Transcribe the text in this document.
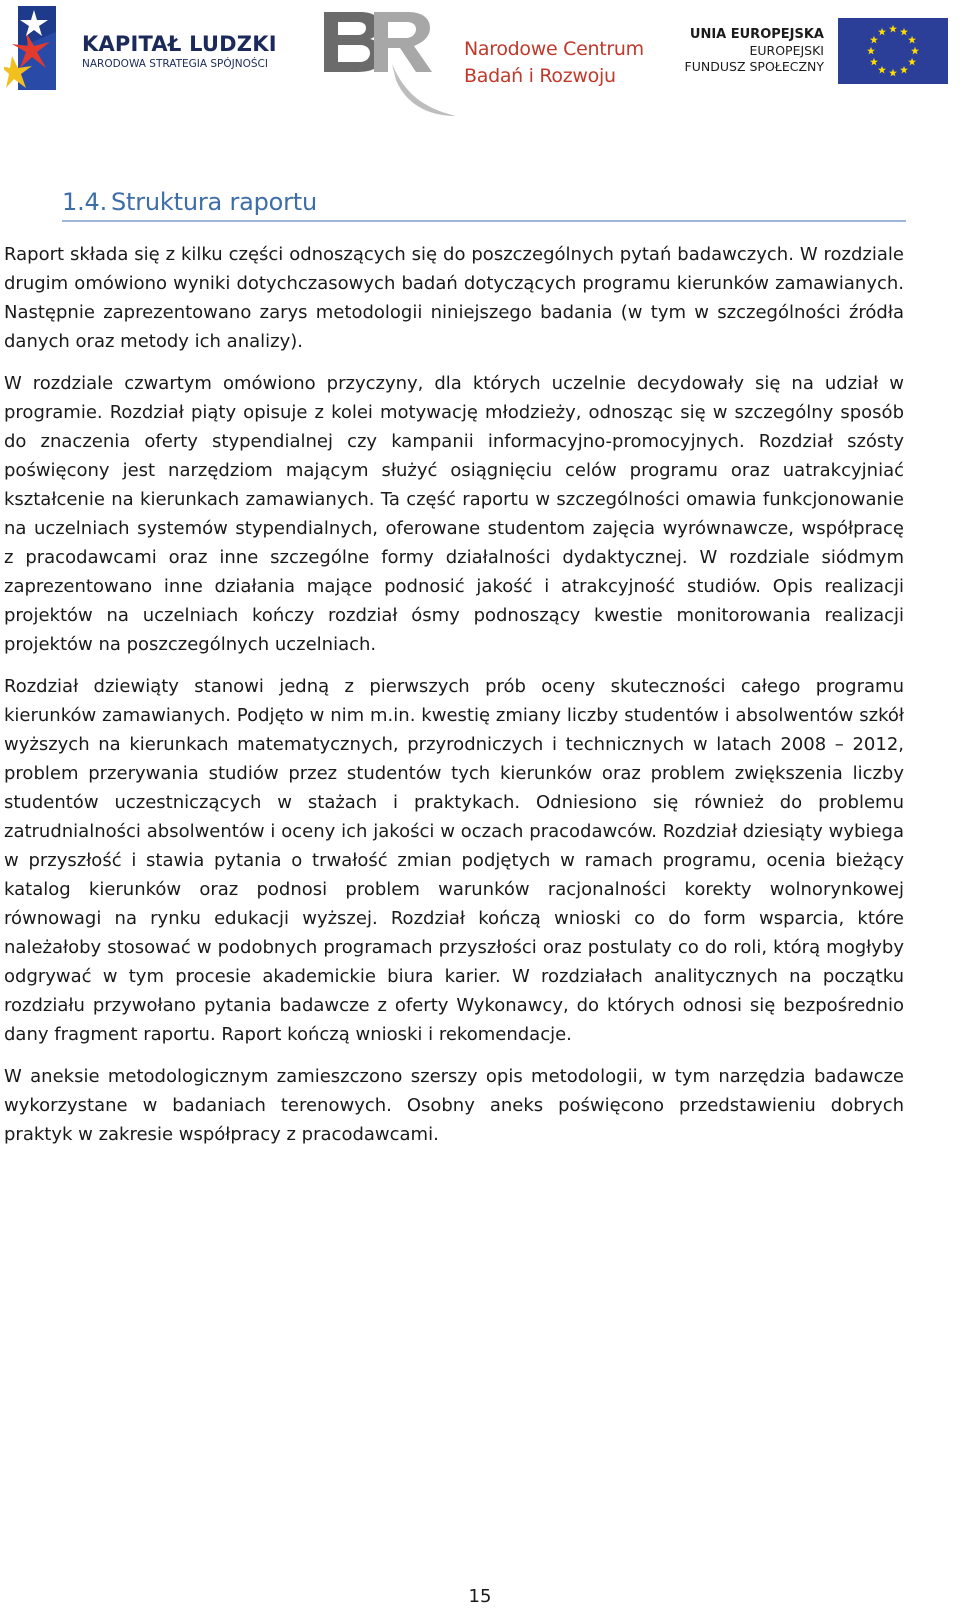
KAPITAŁ LUDZKI
NARODOWA STRATEGIA SPÓJNOŚCI
Narodowe Centrum
Badań i Rozwoju
UNIA EUROPEJSKA
EUROPEJSKI
FUNDUSZ SPOŁECZNY
1.4. Struktura raportu

Raport składa się z kilku części odnoszących się do poszczególnych pytań badawczych. W rozdziale drugim omówiono wyniki dotychczasowych badań dotyczących programu kierunków zamawianych. Następnie zaprezentowano zarys metodologii niniejszego badania (w tym w szczególności źródła danych oraz metody ich analizy).

W rozdziale czwartym omówiono przyczyny, dla których uczelnie decydowały się na udział w programie. Rozdział piąty opisuje z kolei motywację młodzieży, odnosząc się w szczególny sposób do znaczenia oferty stypendialnej czy kampanii informacyjno-promocyjnych. Rozdział szósty poświęcony jest narzędziom mającym służyć osiągnięciu celów programu oraz uatrakcyjniać kształcenie na kierunkach zamawianych. Ta część raportu w szczególności omawia funkcjonowanie na uczelniach systemów stypendialnych, oferowane studentom zajęcia wyrównawcze, współpracę z pracodawcami oraz inne szczególne formy działalności dydaktycznej. W rozdziale siódmym zaprezentowano inne działania mające podnosić jakość i atrakcyjność studiów. Opis realizacji projektów na uczelniach kończy rozdział ósmy podnoszący kwestie monitorowania realizacji projektów na poszczególnych uczelniach.

Rozdział dziewiąty stanowi jedną z pierwszych prób oceny skuteczności całego programu kierunków zamawianych. Podjęto w nim m.in. kwestię zmiany liczby studentów i absolwentów szkół wyższych na kierunkach matematycznych, przyrodniczych i technicznych w latach 2008 – 2012, problem przerywania studiów przez studentów tych kierunków oraz problem zwiększenia liczby studentów uczestniczących w stażach i praktykach. Odniesiono się również do problemu zatrudnialności absolwentów i oceny ich jakości w oczach pracodawców. Rozdział dziesiąty wybiega w przyszłość i stawia pytania o trwałość zmian podjętych w ramach programu, ocenia bieżący katalog kierunków oraz podnosi problem warunków racjonalności korekty wolnorynkowej równowagi na rynku edukacji wyższej. Rozdział kończą wnioski co do form wsparcia, które należałoby stosować w podobnych programach przyszłości oraz postulaty co do roli, którą mogłyby odgrywać w tym procesie akademickie biura karier. W rozdziałach analitycznych na początku rozdziału przywołano pytania badawcze z oferty Wykonawcy, do których odnosi się bezpośrednio dany fragment raportu. Raport kończą wnioski i rekomendacje.

W aneksie metodologicznym zamieszczono szerszy opis metodologii, w tym narzędzia badawcze wykorzystane w badaniach terenowych. Osobny aneks poświęcono przedstawieniu dobrych praktyk w zakresie współpracy z pracodawcami.

15
